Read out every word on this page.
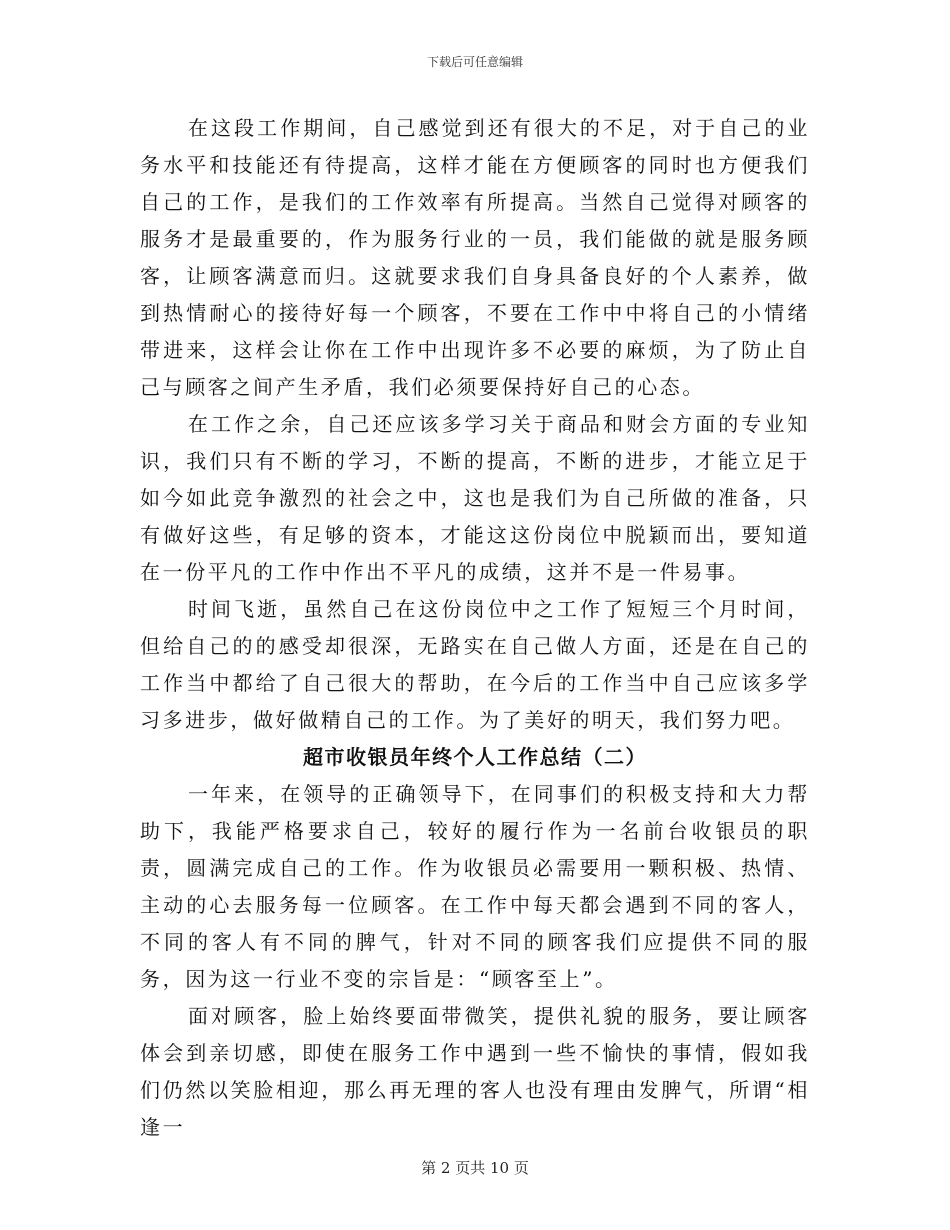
下载后可任意编辑

在这段工作期间，自己感觉到还有很大的不足，对于自己的业务水平和技能还有待提高，这样才能在方便顾客的同时也方便我们自己的工作，是我们的工作效率有所提高。当然自己觉得对顾客的服务才是最重要的，作为服务行业的一员，我们能做的就是服务顾客，让顾客满意而归。这就要求我们自身具备良好的个人素养，做到热情耐心的接待好每一个顾客，不要在工作中中将自己的小情绪带进来，这样会让你在工作中出现许多不必要的麻烦，为了防止自己与顾客之间产生矛盾，我们必须要保持好自己的心态。

在工作之余，自己还应该多学习关于商品和财会方面的专业知识，我们只有不断的学习，不断的提高，不断的进步，才能立足于如今如此竞争激烈的社会之中，这也是我们为自己所做的准备，只有做好这些，有足够的资本，才能这这份岗位中脱颖而出，要知道在一份平凡的工作中作出不平凡的成绩，这并不是一件易事。

时间飞逝，虽然自己在这份岗位中之工作了短短三个月时间，但给自己的的感受却很深，无路实在自己做人方面，还是在自己的工作当中都给了自己很大的帮助，在今后的工作当中自己应该多学习多进步，做好做精自己的工作。为了美好的明天，我们努力吧。

超市收银员年终个人工作总结（二）

一年来，在领导的正确领导下，在同事们的积极支持和大力帮助下，我能严格要求自己，较好的履行作为一名前台收银员的职责，圆满完成自己的工作。作为收银员必需要用一颗积极、热情、主动的心去服务每一位顾客。在工作中每天都会遇到不同的客人，不同的客人有不同的脾气，针对不同的顾客我们应提供不同的服务，因为这一行业不变的宗旨是：“顾客至上”。

面对顾客，脸上始终要面带微笑，提供礼貌的服务，要让顾客体会到亲切感，即使在服务工作中遇到一些不愉快的事情，假如我们仍然以笑脸相迎，那么再无理的客人也没有理由发脾气，所谓“相逢一

第 2 页共 10 页
